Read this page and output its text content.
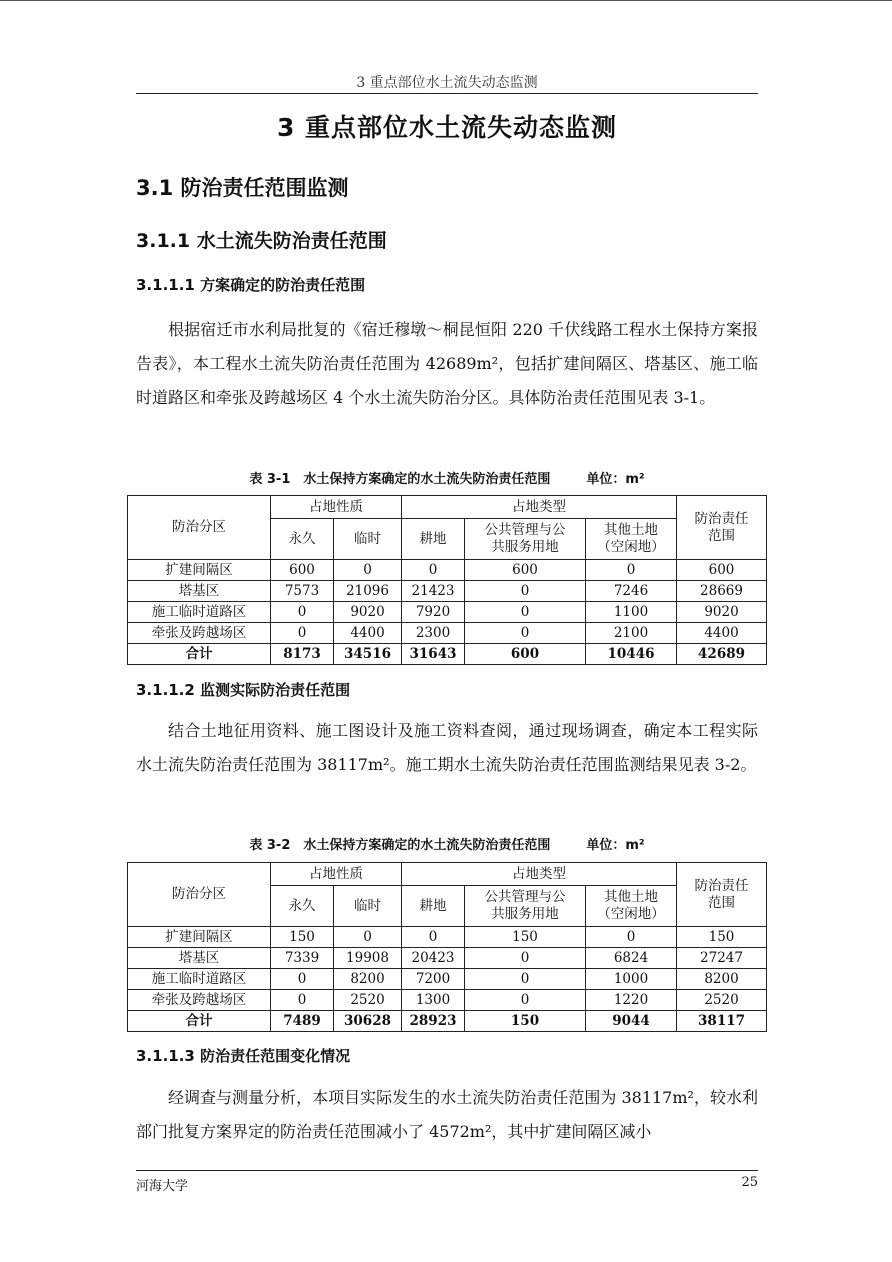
3 重点部位水土流失动态监测
3 重点部位水土流失动态监测
3.1 防治责任范围监测
3.1.1 水土流失防治责任范围
3.1.1.1 方案确定的防治责任范围

根据宿迁市水利局批复的《宿迁穆墩～桐昆恒阳 220 千伏线路工程水土保持方案报告表》，本工程水土流失防治责任范围为 42689m²，包括扩建间隔区、塔基区、施工临时道路区和牵张及跨越场区 4 个水土流失防治分区。具体防治责任范围见表 3-1。

表 3-1　水土保持方案确定的水土流失防治责任范围	单位：m²
防治分区	占地性质		占地类型			防治责任范围

	永久	临时	耕地	公共管理与公共服务用地	其他土地（空闲地）	

扩建间隔区	600	0	0	600	0	600
塔基区	7573	21096	21423	0	7246	28669
施工临时道路区	0	9020	7920	0	1100	9020
牵张及跨越场区	0	4400	2300	0	2100	4400
合计	8173	34516	31643	600	10446	42689
3.1.1.2 监测实际防治责任范围

结合土地征用资料、施工图设计及施工资料查阅，通过现场调查，确定本工程实际水土流失防治责任范围为 38117m²。施工期水土流失防治责任范围监测结果见表 3-2。

表 3-2　水土保持方案确定的水土流失防治责任范围	单位：m²
防治分区	占地性质		占地类型			防治责任范围

	永久	临时	耕地	公共管理与公共服务用地	其他土地（空闲地）	

扩建间隔区	150	0	0	150	0	150
塔基区	7339	19908	20423	0	6824	27247
施工临时道路区	0	8200	7200	0	1000	8200
牵张及跨越场区	0	2520	1300	0	1220	2520
合计	7489	30628	28923	150	9044	38117
3.1.1.3 防治责任范围变化情况

经调查与测量分析，本项目实际发生的水土流失防治责任范围为 38117m²，较水利部门批复方案界定的防治责任范围减小了 4572m²，其中扩建间隔区减小

河海大学	25
